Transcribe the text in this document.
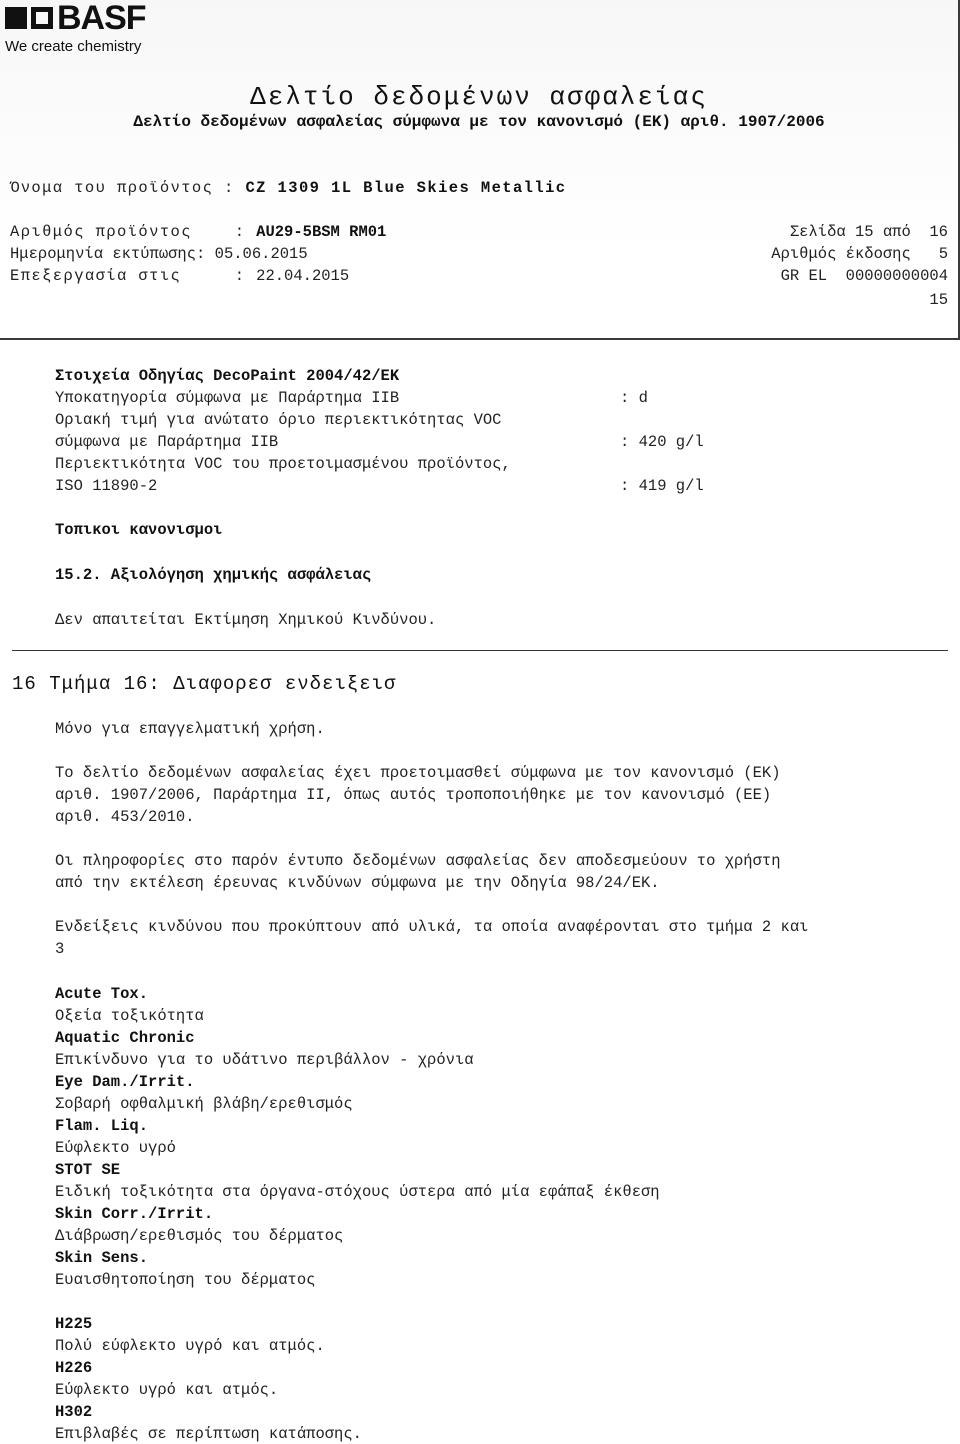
BASF
We create chemistry
Δελτίο δεδομένων ασφαλείας
Δελτίο δεδομένων ασφαλείας σύμφωνα με τον κανονισμό (ΕΚ) αριθ. 1907/2006
Όνομα του προϊόντος : CZ 1309 1L Blue Skies Metallic
Αριθμός προϊόντος    : AU29-5BSM RM01
Ημερομηνία εκτύπωσης: 05.06.2015
Επεξεργασία στις     : 22.04.2015
Σελίδα 15 από  16
Αριθμός έκδοσης   5
GR EL  00000000004
15
Στοιχεία Οδηγίας DecoPaint 2004/42/EK
Υποκατηγορία σύμφωνα με Παράρτημα IIB	: d
Οριακή τιμή για ανώτατο όριο περιεκτικότητας VOC
σύμφωνα με Παράρτημα IIB	: 420 g/l
Περιεκτικότητα VOC του προετοιμασμένου προϊόντος,
ISO 11890-2	: 419 g/l
Τοπικοι κανονισμοι
15.2. Αξιολόγηση χημικής ασφάλειας
Δεν απαιτείται Εκτίμηση Χημικού Κινδύνου.
16 Τμήμα 16: Διαφορεσ ενδειξεισ
Μόνο για επαγγελματική χρήση.
Το δελτίο δεδομένων ασφαλείας έχει προετοιμασθεί σύμφωνα με τον κανονισμό (ΕΚ)
αριθ. 1907/2006, Παράρτημα II, όπως αυτός τροποποιήθηκε με τον κανονισμό (ΕΕ)
αριθ. 453/2010.
Οι πληροφορίες στο παρόν έντυπο δεδομένων ασφαλείας δεν αποδεσμεύουν το χρήστη
από την εκτέλεση έρευνας κινδύνων σύμφωνα με την Οδηγία 98/24/ΕΚ.
Ενδείξεις κινδύνου που προκύπτουν από υλικά, τα οποία αναφέρονται στο τμήμα 2 και
3
Acute Tox.
Οξεία τοξικότητα
Aquatic Chronic
Επικίνδυνο για το υδάτινο περιβάλλον - χρόνια
Eye Dam./Irrit.
Σοβαρή οφθαλμική βλάβη/ερεθισμός
Flam. Liq.
Εύφλεκτο υγρό
STOT SE
Ειδική τοξικότητα στα όργανα-στόχους ύστερα από μία εφάπαξ έκθεση
Skin Corr./Irrit.
Διάβρωση/ερεθισμός του δέρματος
Skin Sens.
Ευαισθητοποίηση του δέρματος
H225
Πολύ εύφλεκτο υγρό και ατμός.
H226
Εύφλεκτο υγρό και ατμός.
H302
Επιβλαβές σε περίπτωση κατάποσης.
